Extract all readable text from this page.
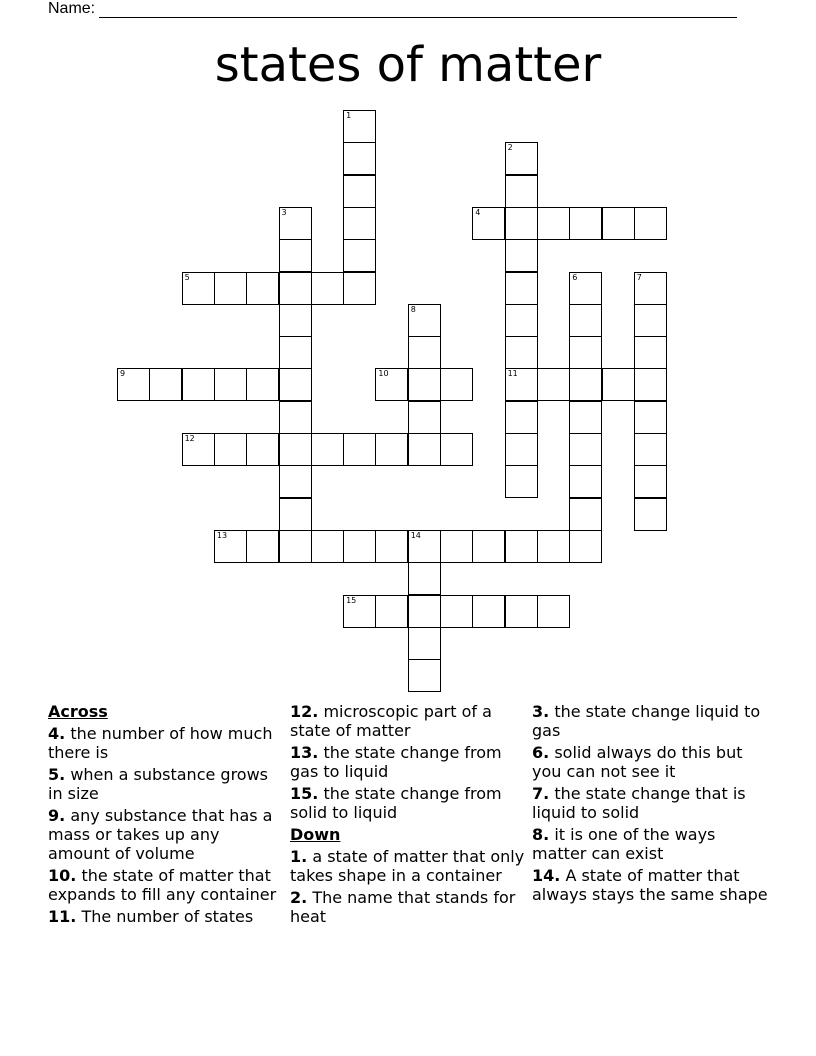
Name:
states of matter
1
2
11
3	4
5	6	7
8
9	10
12
13	14
15
Across
4. the number of how much there is
5. when a substance grows in size
9. any substance that has a mass or takes up any amount of volume
10. the state of matter that expands to fill any container
11. The number of states
12. microscopic part of a state of matter
13. the state change from gas to liquid
15. the state change from solid to liquid
Down
1. a state of matter that only takes shape in a container
2. The name that stands for heat
3. the state change liquid to gas
6. solid always do this but you can not see it
7. the state change that is liquid to solid
8. it is one of the ways matter can exist
14. A state of matter that always stays the same shape
